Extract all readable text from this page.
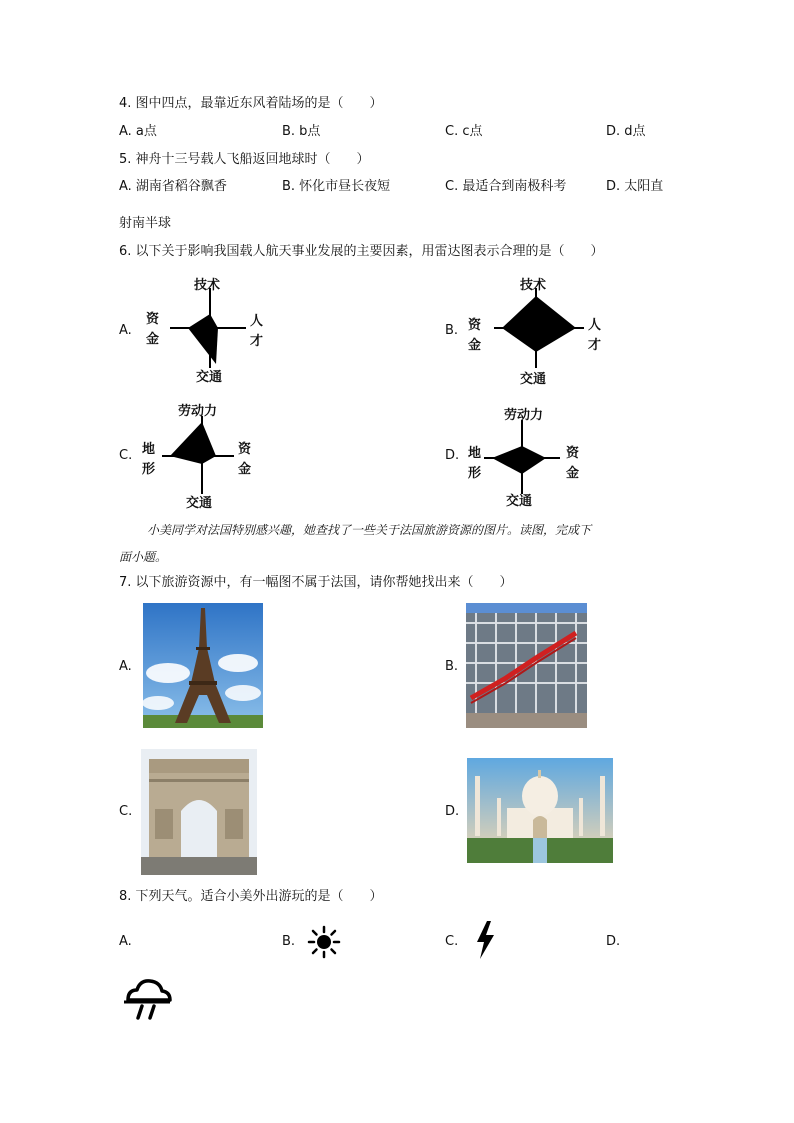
4. 图中四点，最靠近东风着陆场的是（　　）
A. a点	B. b点	C. c点	D. d点
5. 神舟十三号载人飞船返回地球时（　　）
A. 湖南省稻谷飘香	B. 怀化市昼长夜短	C. 最适合到南极科考	D. 太阳直
射南半球
6. 以下关于影响我国载人航天事业发展的主要因素，用雷达图表示合理的是（　　）
A.
技术
资
金
人
才
交通
B.
技术
资
金
人
才
交通
C.
劳动力
地
形
资
金
交通
D.
劳动力
地
形
资
金
交通
小美同学对法国特别感兴趣，她查找了一些关于法国旅游资源的图片。读图，完成下
面小题。
7. 以下旅游资源中，有一幅图不属于法国，请你帮她找出来（　　）
A.	B.
C.	D.
8. 下列天气。适合小美外出游玩的是（　　）
A.	B.	C.	D.
